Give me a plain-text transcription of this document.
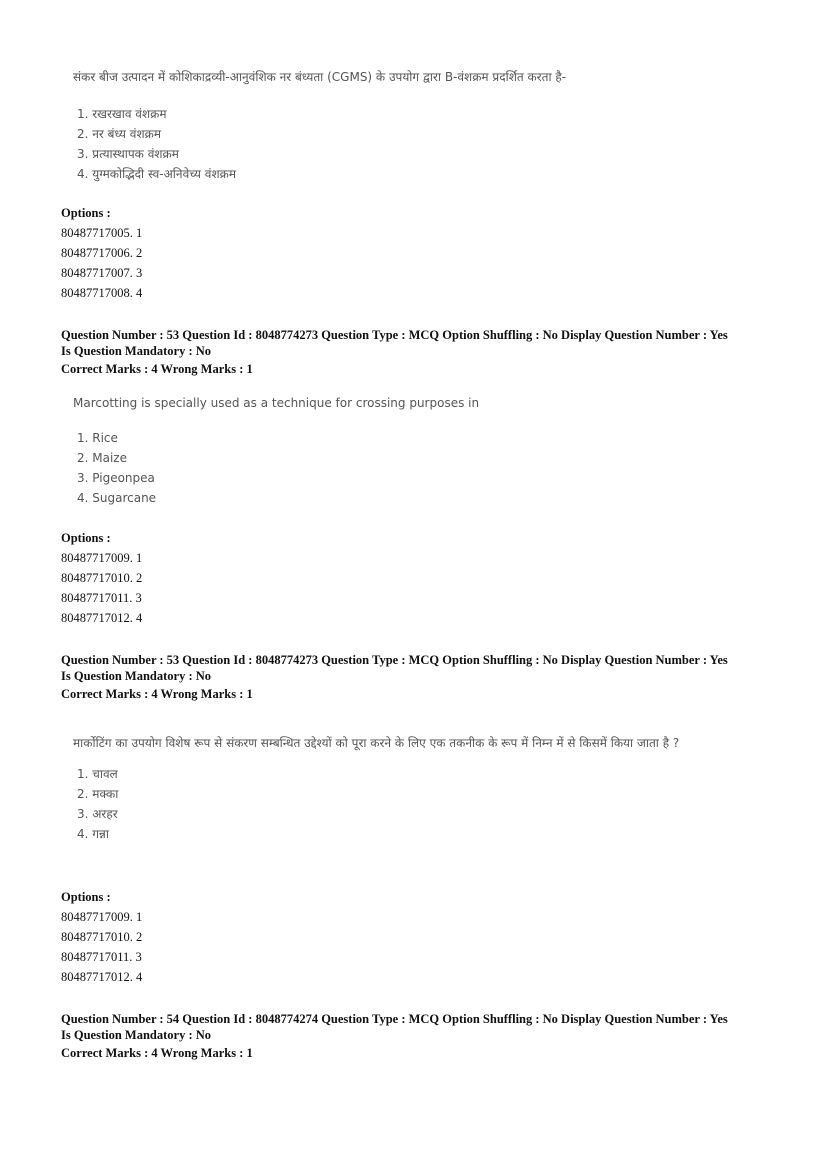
संकर बीज उत्पादन में कोशिकाद्रव्यी-आनुवंशिक नर बंध्यता (CGMS) के उपयोग द्वारा B-वंशक्रम प्रदर्शित करता है-

1. रखरखाव वंशक्रम
2. नर बंध्य वंशक्रम
3. प्रत्यास्थापक वंशक्रम
4. युग्मकोद्भिदी स्व-अनिवेच्य वंशक्रम
Options :
80487717005. 1
80487717006. 2
80487717007. 3
80487717008. 4
Question Number : 53 Question Id : 8048774273 Question Type : MCQ Option Shuffling : No Display Question Number : Yes
Is Question Mandatory : No
Correct Marks : 4 Wrong Marks : 1

Marcotting is specially used as a technique for crossing purposes in

1. Rice
2. Maize
3. Pigeonpea
4. Sugarcane
Options :
80487717009. 1
80487717010. 2
80487717011. 3
80487717012. 4
Question Number : 53 Question Id : 8048774273 Question Type : MCQ Option Shuffling : No Display Question Number : Yes
Is Question Mandatory : No
Correct Marks : 4 Wrong Marks : 1

मार्कोटिंग का उपयोग विशेष रूप से संकरण सम्बन्धित उद्देश्यों को पूरा करने के लिए एक तकनीक के रूप में निम्न में से किसमें किया जाता है ?

1. चावल
2. मक्का
3. अरहर
4. गन्ना
Options :
80487717009. 1
80487717010. 2
80487717011. 3
80487717012. 4
Question Number : 54 Question Id : 8048774274 Question Type : MCQ Option Shuffling : No Display Question Number : Yes
Is Question Mandatory : No
Correct Marks : 4 Wrong Marks : 1
